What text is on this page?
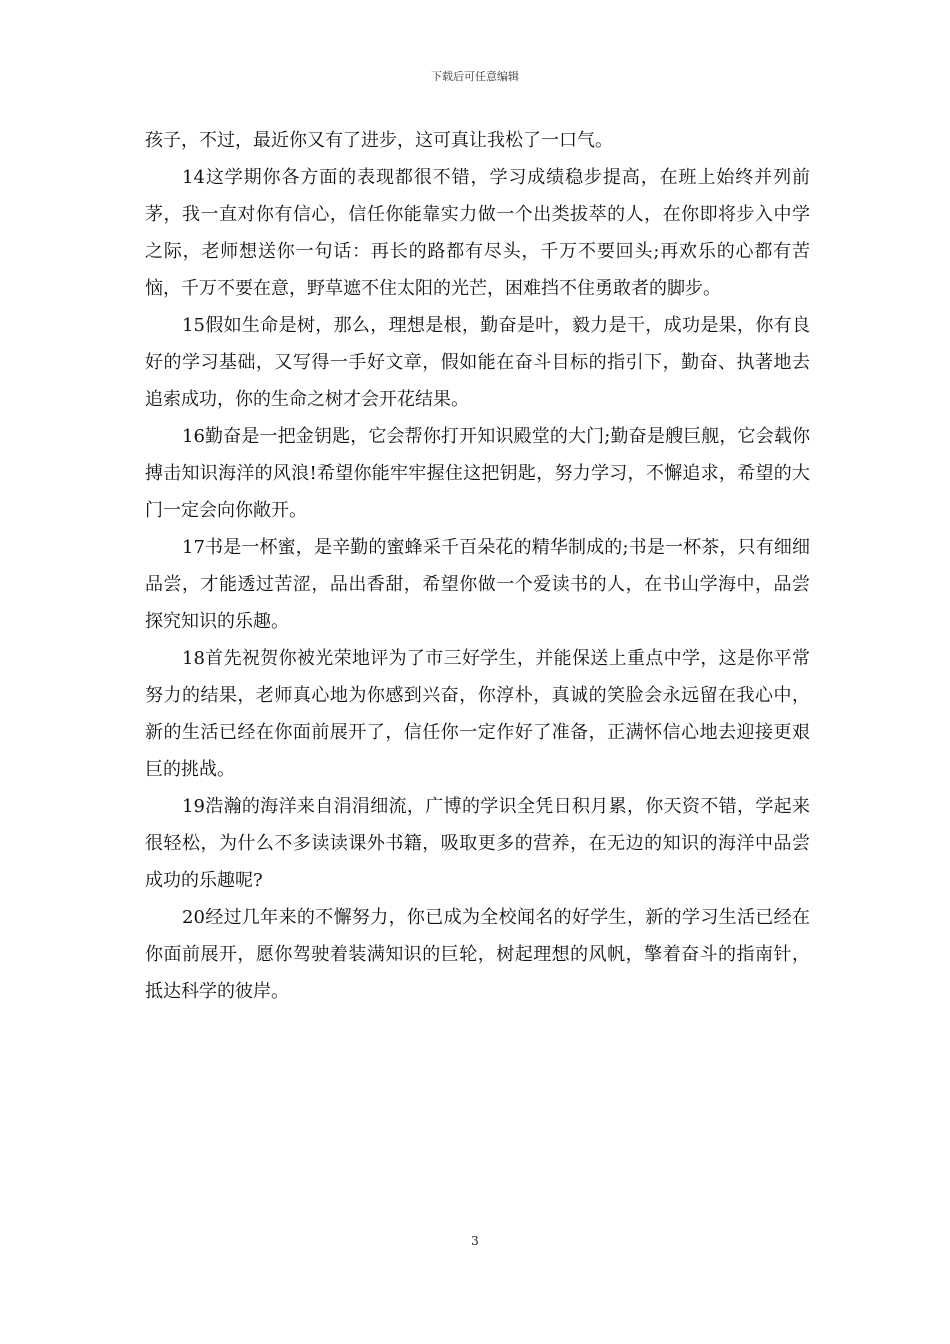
下载后可任意编辑

孩子，不过，最近你又有了进步，这可真让我松了一口气。

14这学期你各方面的表现都很不错，学习成绩稳步提高，在班上始终并列前茅，我一直对你有信心，信任你能靠实力做一个出类拔萃的人，在你即将步入中学之际，老师想送你一句话：再长的路都有尽头，千万不要回头;再欢乐的心都有苦恼，千万不要在意，野草遮不住太阳的光芒，困难挡不住勇敢者的脚步。

15假如生命是树，那么，理想是根，勤奋是叶，毅力是干，成功是果，你有良好的学习基础，又写得一手好文章，假如能在奋斗目标的指引下，勤奋、执著地去追索成功，你的生命之树才会开花结果。

16勤奋是一把金钥匙，它会帮你打开知识殿堂的大门;勤奋是艘巨舰，它会载你搏击知识海洋的风浪!希望你能牢牢握住这把钥匙，努力学习，不懈追求，希望的大门一定会向你敞开。

17书是一杯蜜，是辛勤的蜜蜂采千百朵花的精华制成的;书是一杯茶，只有细细品尝，才能透过苦涩，品出香甜，希望你做一个爱读书的人，在书山学海中，品尝探究知识的乐趣。

18首先祝贺你被光荣地评为了市三好学生，并能保送上重点中学，这是你平常努力的结果，老师真心地为你感到兴奋，你淳朴，真诚的笑脸会永远留在我心中，新的生活已经在你面前展开了，信任你一定作好了准备，正满怀信心地去迎接更艰巨的挑战。

19浩瀚的海洋来自涓涓细流，广博的学识全凭日积月累，你天资不错，学起来很轻松，为什么不多读读课外书籍，吸取更多的营养，在无边的知识的海洋中品尝成功的乐趣呢?

20经过几年来的不懈努力，你已成为全校闻名的好学生，新的学习生活已经在你面前展开，愿你驾驶着装满知识的巨轮，树起理想的风帆，擎着奋斗的指南针，抵达科学的彼岸。

3
